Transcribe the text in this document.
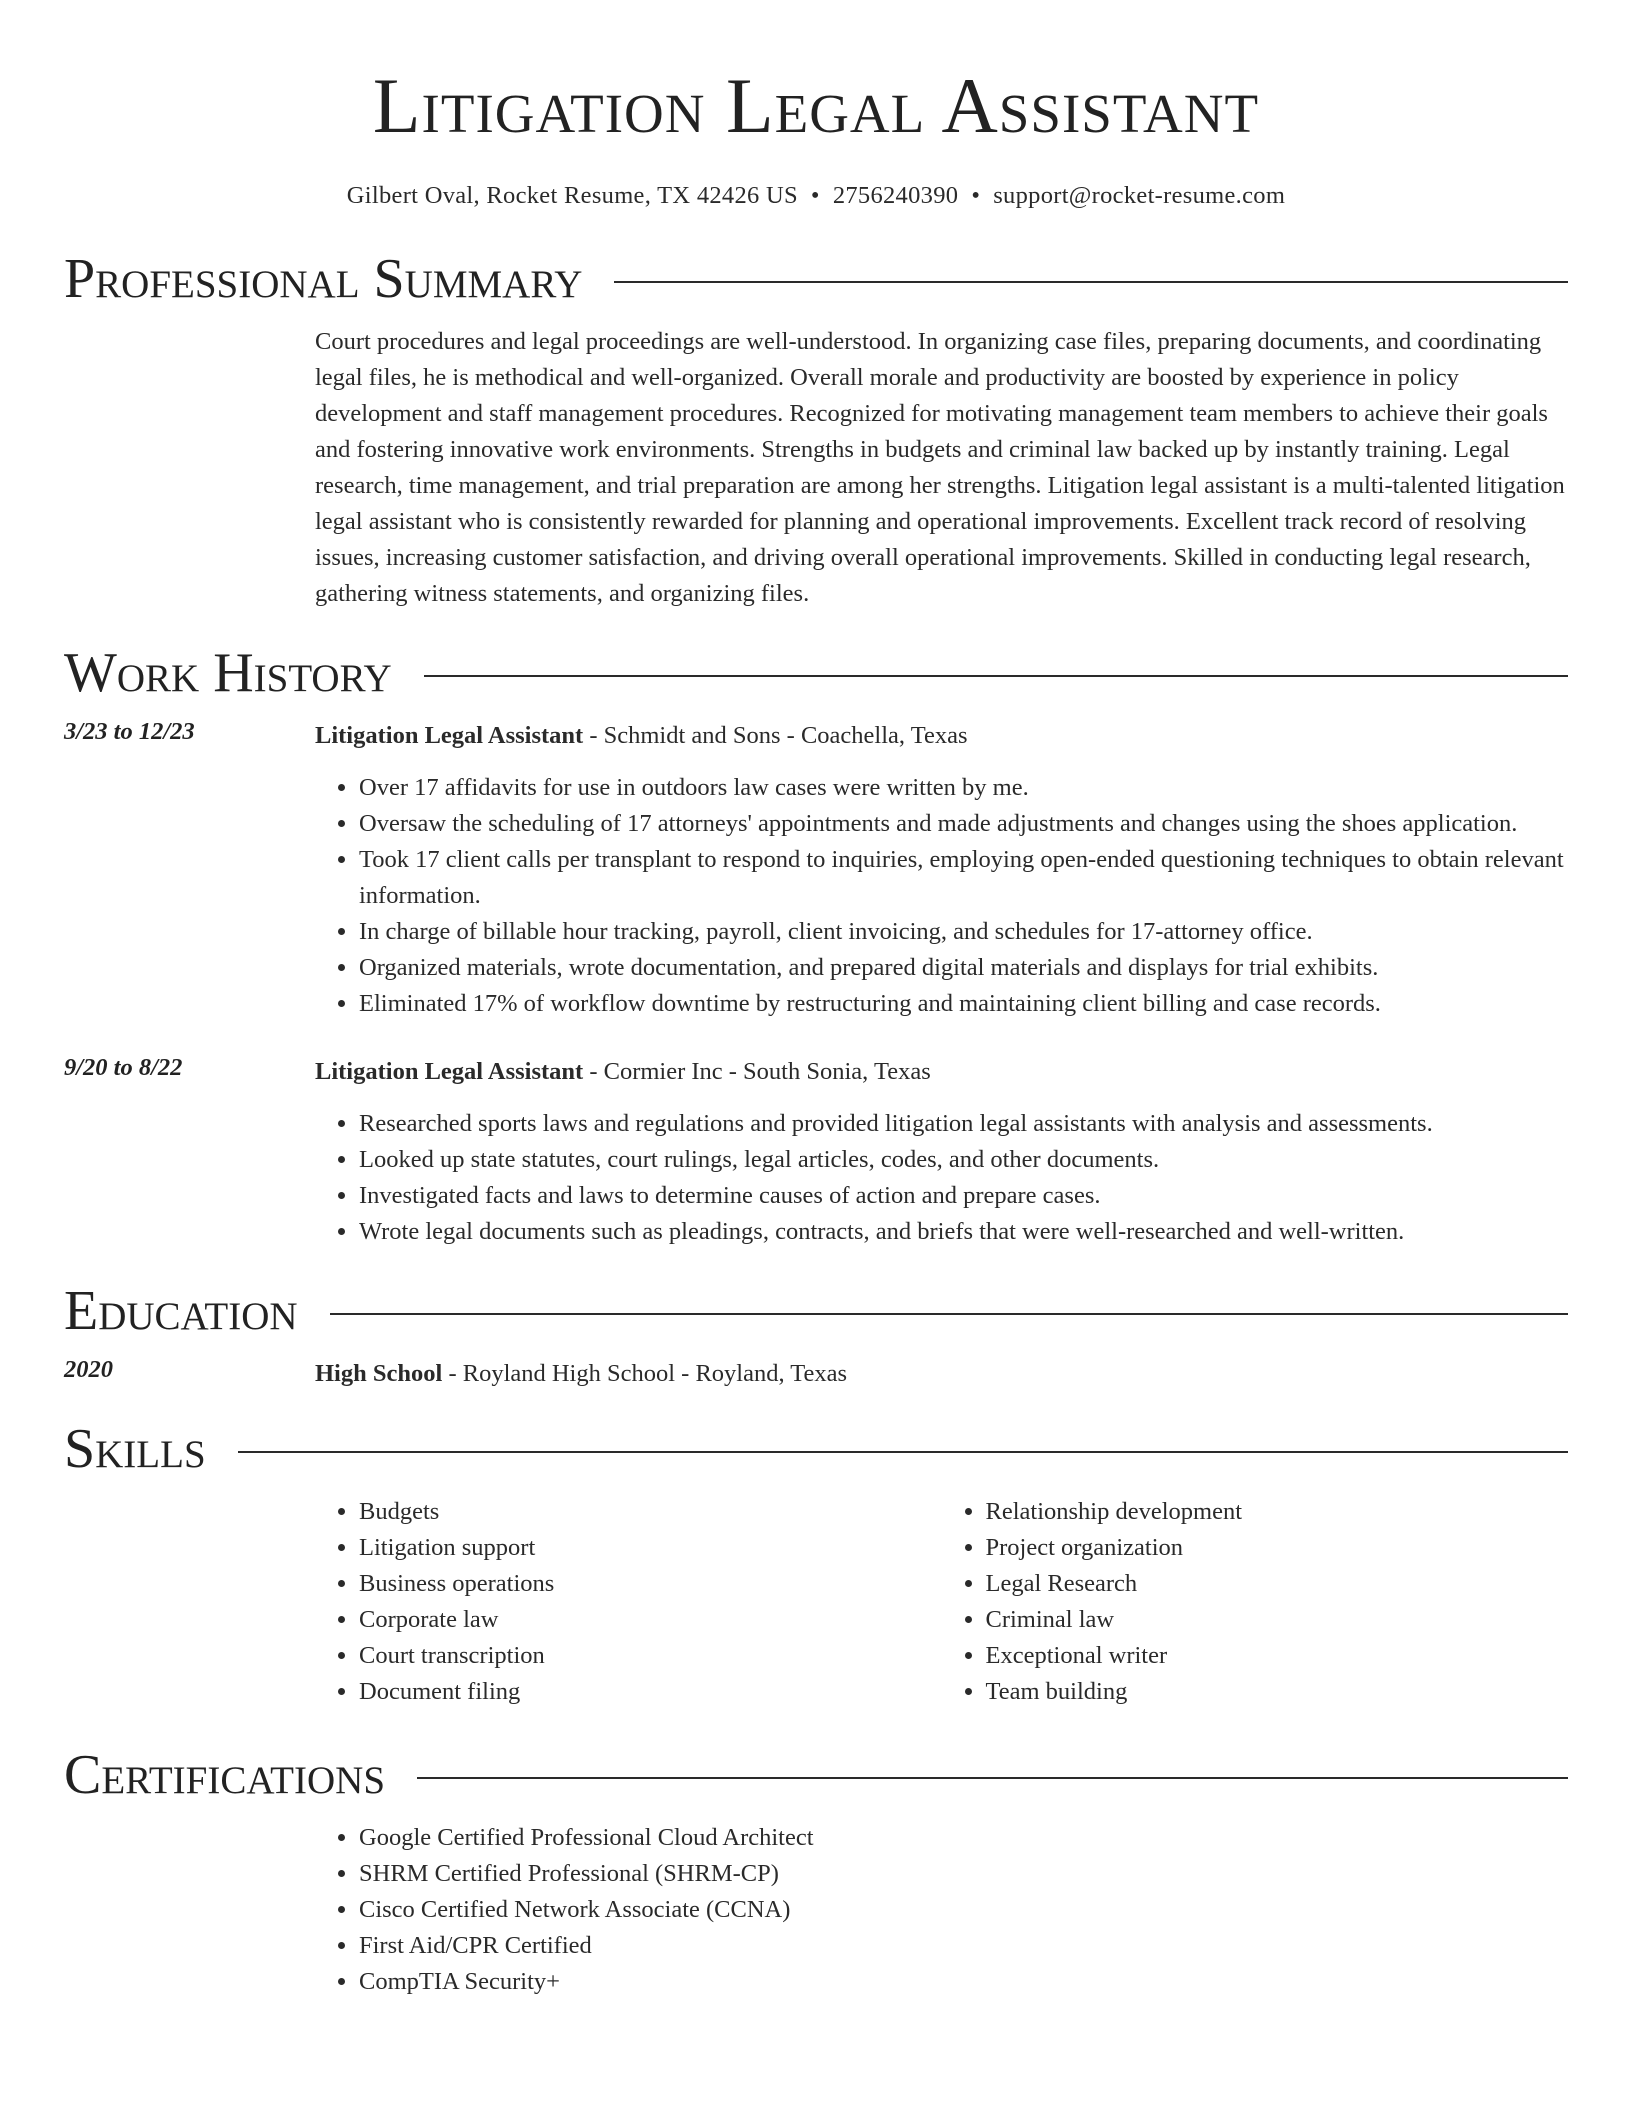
Litigation Legal Assistant
Gilbert Oval, Rocket Resume, TX 42426 US • 2756240390 • support@rocket-resume.com
Professional Summary
Court procedures and legal proceedings are well-understood. In organizing case files, preparing documents, and coordinating legal files, he is methodical and well-organized. Overall morale and productivity are boosted by experience in policy development and staff management procedures. Recognized for motivating management team members to achieve their goals and fostering innovative work environments. Strengths in budgets and criminal law backed up by instantly training. Legal research, time management, and trial preparation are among her strengths. Litigation legal assistant is a multi-talented litigation legal assistant who is consistently rewarded for planning and operational improvements. Excellent track record of resolving issues, increasing customer satisfaction, and driving overall operational improvements. Skilled in conducting legal research, gathering witness statements, and organizing files.
Work History
3/23 to 12/23	Litigation Legal Assistant - Schmidt and Sons - Coachella, Texas
• Over 17 affidavits for use in outdoors law cases were written by me.
• Oversaw the scheduling of 17 attorneys' appointments and made adjustments and changes using the shoes application.
• Took 17 client calls per transplant to respond to inquiries, employing open-ended questioning techniques to obtain relevant information.
• In charge of billable hour tracking, payroll, client invoicing, and schedules for 17-attorney office.
• Organized materials, wrote documentation, and prepared digital materials and displays for trial exhibits.
• Eliminated 17% of workflow downtime by restructuring and maintaining client billing and case records.
9/20 to 8/22	Litigation Legal Assistant - Cormier Inc - South Sonia, Texas
• Researched sports laws and regulations and provided litigation legal assistants with analysis and assessments.
• Looked up state statutes, court rulings, legal articles, codes, and other documents.
• Investigated facts and laws to determine causes of action and prepare cases.
• Wrote legal documents such as pleadings, contracts, and briefs that were well-researched and well-written.
Education
2020	High School - Royland High School - Royland, Texas
Skills
• Budgets
• Litigation support
• Business operations
• Corporate law
• Court transcription
• Document filing
• Relationship development
• Project organization
• Legal Research
• Criminal law
• Exceptional writer
• Team building
Certifications
• Google Certified Professional Cloud Architect
• SHRM Certified Professional (SHRM-CP)
• Cisco Certified Network Associate (CCNA)
• First Aid/CPR Certified
• CompTIA Security+
